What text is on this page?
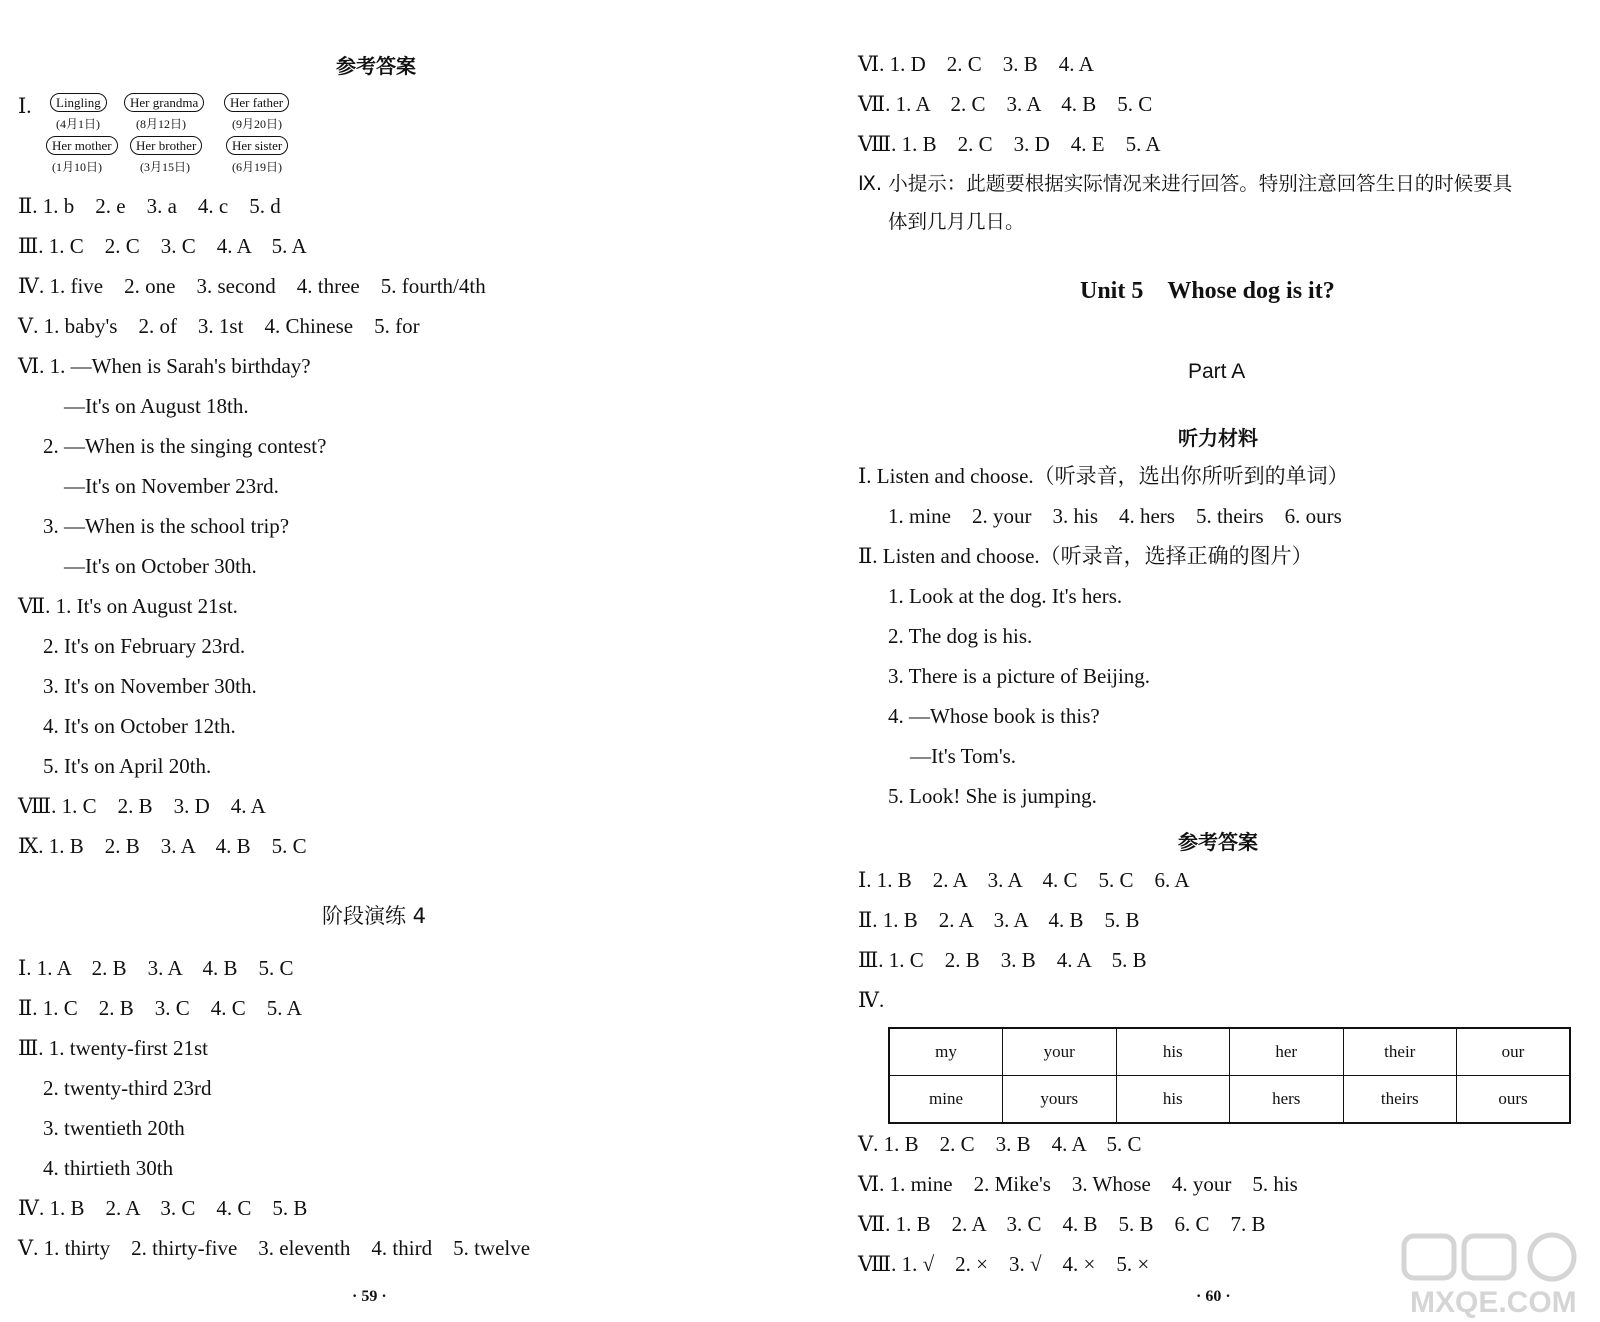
参考答案
Ⅰ.	Lingling
(4月1日)
Her grandma
(8月12日)
Her father
(9月20日)
Her mother
(1月10日)
Her brother
(3月15日)
Her sister
(6月19日)
Ⅱ. 1. b　2. e　3. a　4. c　5. d
Ⅲ. 1. C　2. C　3. C　4. A　5. A
Ⅳ. 1. five　2. one　3. second　4. three　5. fourth/4th
Ⅴ. 1. baby's　2. of　3. 1st　4. Chinese　5. for
Ⅵ. 1. —When is Sarah's birthday?
—It's on August 18th.
2. —When is the singing contest?
—It's on November 23rd.
3. —When is the school trip?
—It's on October 30th.
Ⅶ. 1. It's on August 21st.
2. It's on February 23rd.
3. It's on November 30th.
4. It's on October 12th.
5. It's on April 20th.
Ⅷ. 1. C　2. B　3. D　4. A
Ⅸ. 1. B　2. B　3. A　4. B　5. C
阶段演练 4
Ⅰ. 1. A　2. B　3. A　4. B　5. C
Ⅱ. 1. C　2. B　3. C　4. C　5. A
Ⅲ. 1. twenty-first 21st
2. twenty-third 23rd
3. twentieth 20th
4. thirtieth 30th
Ⅳ. 1. B　2. A　3. C　4. C　5. B
Ⅴ. 1. thirty　2. thirty-five　3. eleventh　4. third　5. twelve
· 59 ·
Ⅵ. 1. D　2. C　3. B　4. A
Ⅶ. 1. A　2. C　3. A　4. B　5. C
Ⅷ. 1. B　2. C　3. D　4. E　5. A
Ⅸ. 小提示：此题要根据实际情况来进行回答。特别注意回答生日的时候要具
体到几月几日。
Unit 5　Whose dog is it?
Part A
听力材料
Ⅰ. Listen and choose.（听录音，选出你所听到的单词）
1. mine　2. your　3. his　4. hers　5. theirs　6. ours
Ⅱ. Listen and choose.（听录音，选择正确的图片）
1. Look at the dog. It's hers.
2. The dog is his.
3. There is a picture of Beijing.
4. —Whose book is this?
—It's Tom's.
5. Look! She is jumping.
参考答案
Ⅰ. 1. B　2. A　3. A　4. C　5. C　6. A
Ⅱ. 1. B　2. A　3. A　4. B　5. B
Ⅲ. 1. C　2. B　3. B　4. A　5. B
Ⅳ.
my	your	his	her	their	our
mine	yours	his	hers	theirs	ours
Ⅴ. 1. B　2. C　3. B　4. A　5. C
Ⅵ. 1. mine　2. Mike's　3. Whose　4. your　5. his
Ⅶ. 1. B　2. A　3. C　4. B　5. B　6. C　7. B
Ⅷ. 1. √　2. ×　3. √　4. ×　5. ×
· 60 ·	MXQE.COM
